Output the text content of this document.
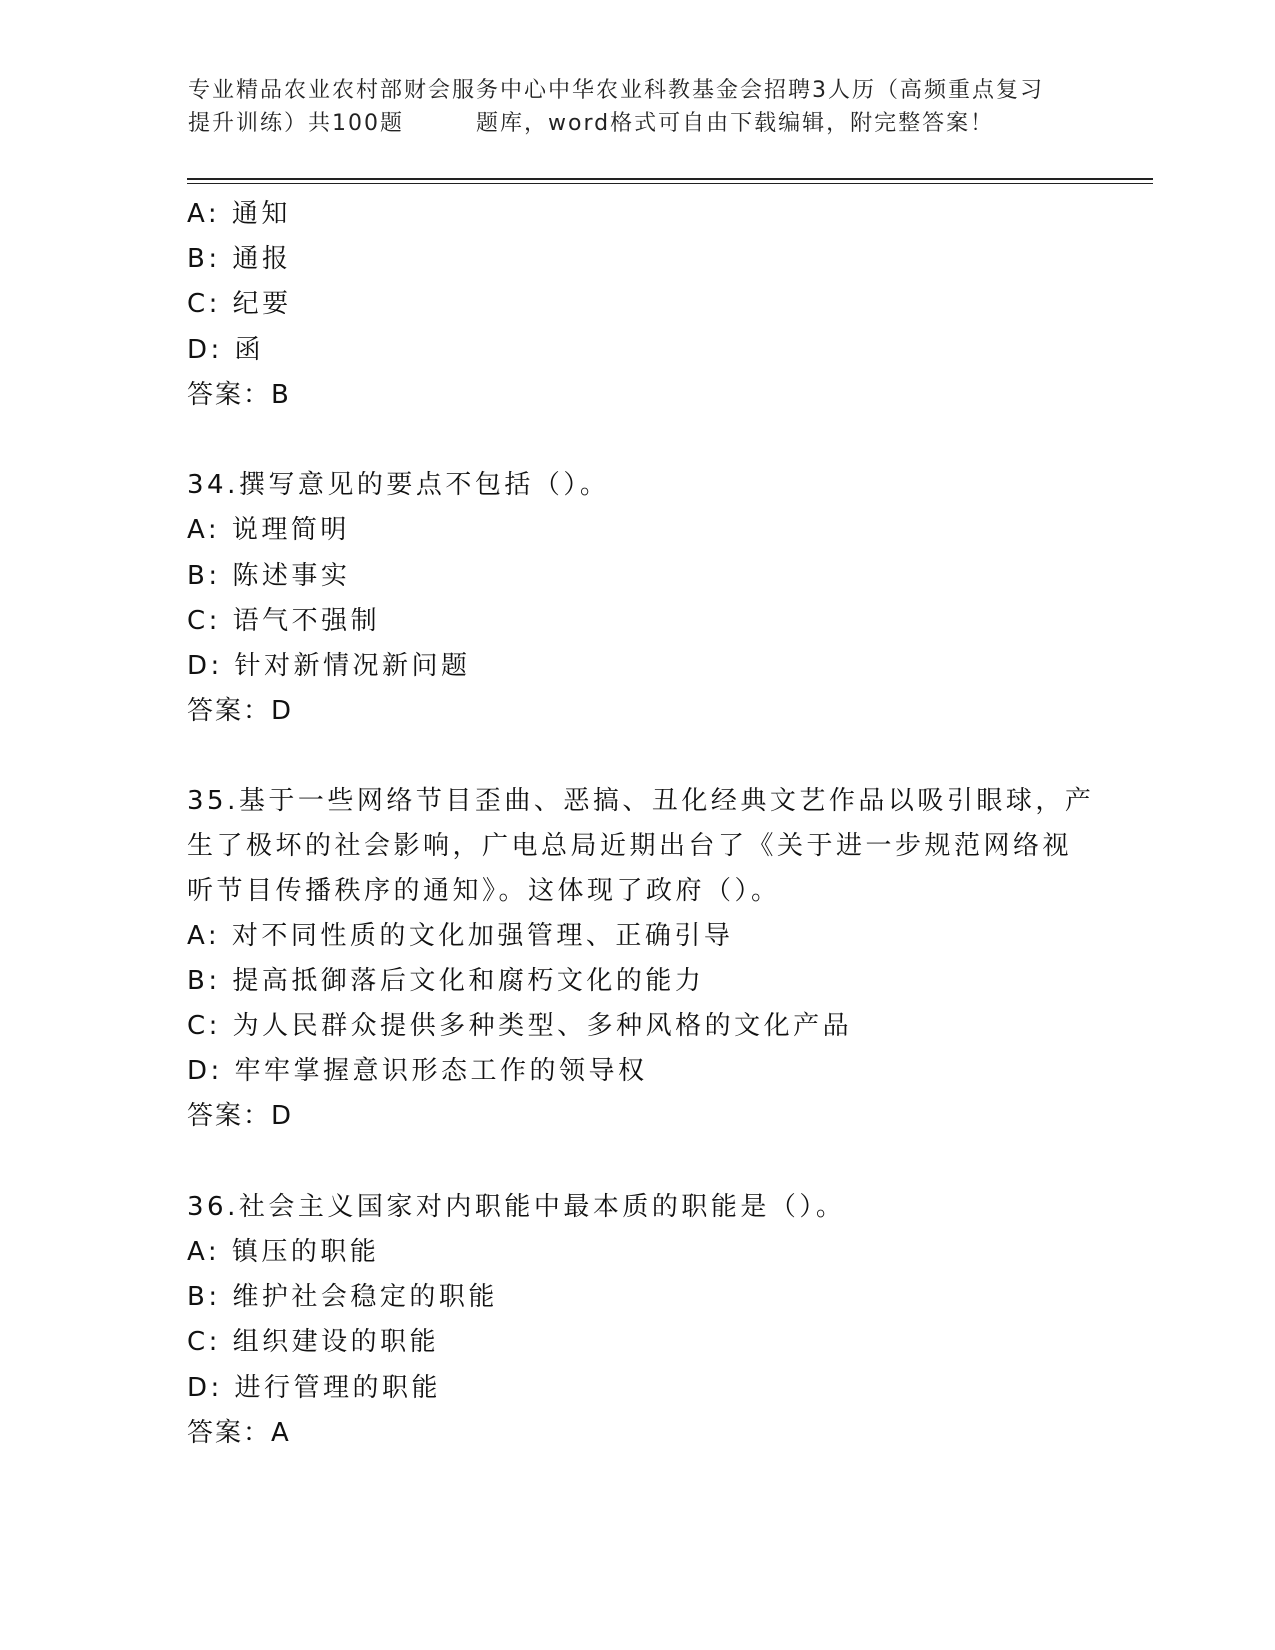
专业精品农业农村部财会服务中心中华农业科教基金会招聘3人历（高频重点复习
提升训练）共100题	题库，word格式可自由下载编辑，附完整答案！
A: 通知
B: 通报
C: 纪要
D: 函
答案：B
34.撰写意见的要点不包括（）。
A: 说理简明
B: 陈述事实
C: 语气不强制
D: 针对新情况新问题
答案：D
35.基于一些网络节目歪曲、恶搞、丑化经典文艺作品以吸引眼球，产
生了极坏的社会影响，广电总局近期出台了《关于进一步规范网络视
听节目传播秩序的通知》。这体现了政府（）。
A: 对不同性质的文化加强管理、正确引导
B: 提高抵御落后文化和腐朽文化的能力
C: 为人民群众提供多种类型、多种风格的文化产品
D: 牢牢掌握意识形态工作的领导权
答案：D
36.社会主义国家对内职能中最本质的职能是（）。
A: 镇压的职能
B: 维护社会稳定的职能
C: 组织建设的职能
D: 进行管理的职能
答案：A
